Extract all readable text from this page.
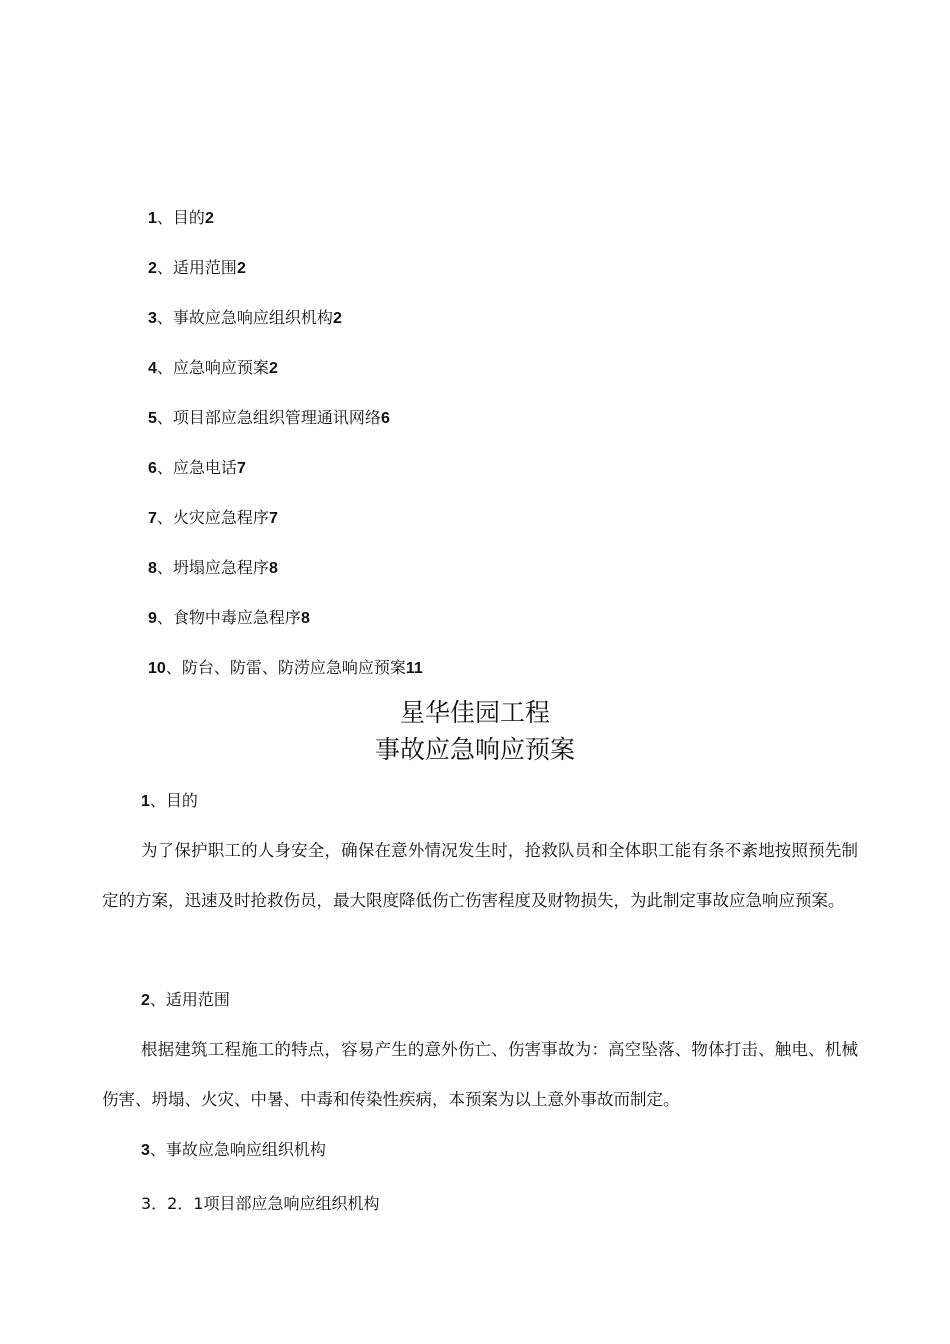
1、目的2
2、适用范围2
3、事故应急响应组织机构2
4、应急响应预案2
5、项目部应急组织管理通讯网络6
6、应急电话7
7、火灾应急程序7
8、坍塌应急程序8
9、食物中毒应急程序8
10、防台、防雷、防涝应急响应预案11
星华佳园工程
事故应急响应预案
1、目的
为了保护职工的人身安全，确保在意外情况发生时，抢救队员和全体职工能有条不紊地按照预先制定的方案，迅速及时抢救伤员，最大限度降低伤亡伤害程度及财物损失，为此制定事故应急响应预案。
2、适用范围
根据建筑工程施工的特点，容易产生的意外伤亡、伤害事故为：高空坠落、物体打击、触电、机械伤害、坍塌、火灾、中暑、中毒和传染性疾病，本预案为以上意外事故而制定。
3、事故应急响应组织机构
3．2．1项目部应急响应组织机构
